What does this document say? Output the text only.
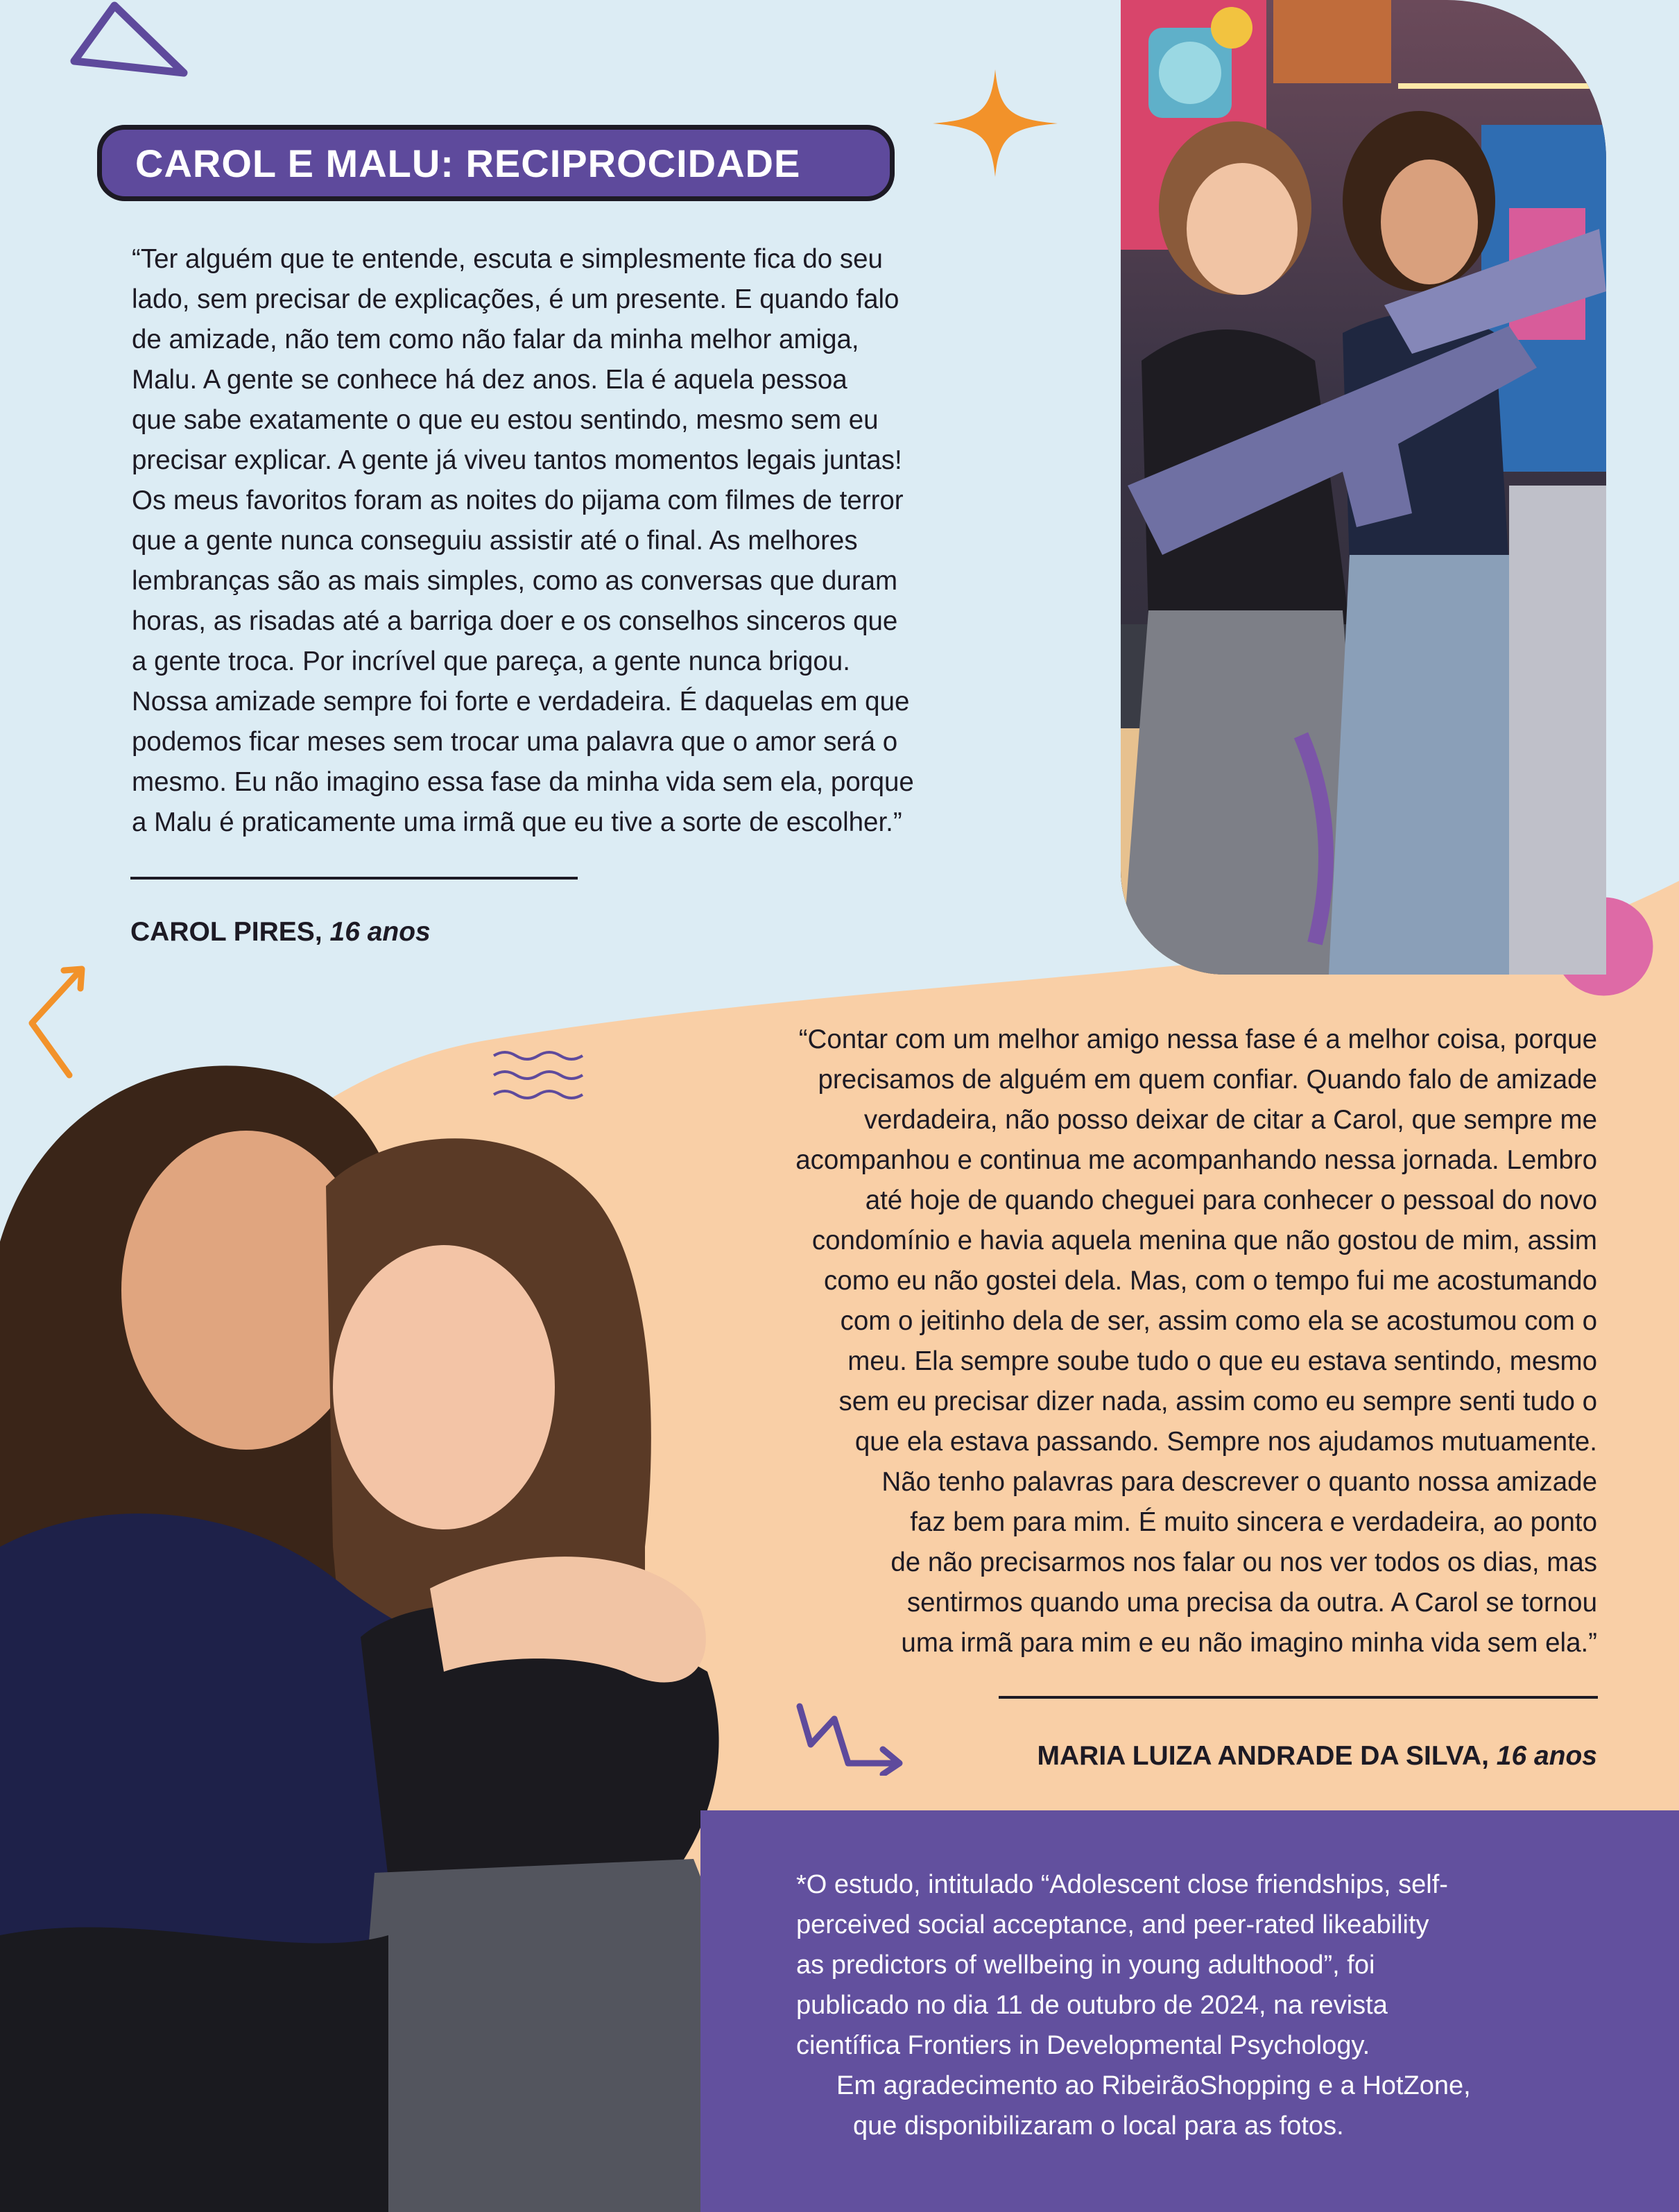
CAROL E MALU: RECIPROCIDADE
“Ter alguém que te entende, escuta e simplesmente fica do seu
lado, sem precisar de explicações, é um presente. E quando falo
de amizade, não tem como não falar da minha melhor amiga,
Malu. A gente se conhece há dez anos. Ela é aquela pessoa
que sabe exatamente o que eu estou sentindo, mesmo sem eu
precisar explicar. A gente já viveu tantos momentos legais juntas!
Os meus favoritos foram as noites do pijama com filmes de terror
que a gente nunca conseguiu assistir até o final. As melhores
lembranças são as mais simples, como as conversas que duram
horas, as risadas até a barriga doer e os conselhos sinceros que
a gente troca. Por incrível que pareça, a gente nunca brigou.
Nossa amizade sempre foi forte e verdadeira. É daquelas em que
podemos ficar meses sem trocar uma palavra que o amor será o
mesmo. Eu não imagino essa fase da minha vida sem ela, porque
a Malu é praticamente uma irmã que eu tive a sorte de escolher.”
CAROL PIRES, 16 anos
“Contar com um melhor amigo nessa fase é a melhor coisa, porque
precisamos de alguém em quem confiar. Quando falo de amizade
verdadeira, não posso deixar de citar a Carol, que sempre me
acompanhou e continua me acompanhando nessa jornada. Lembro
até hoje de quando cheguei para conhecer o pessoal do novo
condomínio e havia aquela menina que não gostou de mim, assim
como eu não gostei dela. Mas, com o tempo fui me acostumando
com o jeitinho dela de ser, assim como ela se acostumou com o
meu. Ela sempre soube tudo o que eu estava sentindo, mesmo
sem eu precisar dizer nada, assim como eu sempre senti tudo o
que ela estava passando. Sempre nos ajudamos mutuamente.
Não tenho palavras para descrever o quanto nossa amizade
faz bem para mim. É muito sincera e verdadeira, ao ponto
de não precisarmos nos falar ou nos ver todos os dias, mas
sentirmos quando uma precisa da outra. A Carol se tornou
uma irmã para mim e eu não imagino minha vida sem ela.”
MARIA LUIZA ANDRADE DA SILVA, 16 anos
*O estudo, intitulado “Adolescent close friendships, self-
perceived social acceptance, and peer-rated likeability
as predictors of wellbeing in young adulthood”, foi
publicado no dia 11 de outubro de 2024, na revista
científica Frontiers in Developmental Psychology.
Em agradecimento ao RibeirãoShopping e a HotZone,
que disponibilizaram o local para as fotos.
